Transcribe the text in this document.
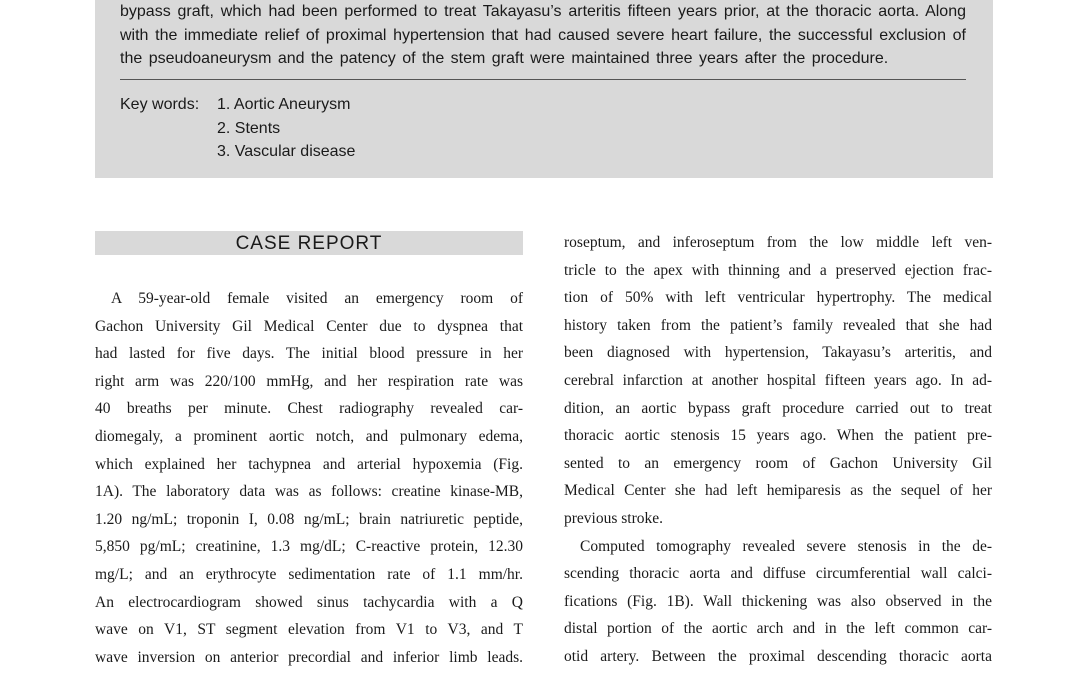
bypass graft, which had been performed to treat Takayasu’s arteritis fifteen years prior, at the thoracic aorta. Along
with the immediate relief of proximal hypertension that had caused severe heart failure, the successful exclusion of
the pseudoaneurysm and the patency of the stem graft were maintained three years after the procedure.
Key words: 1. Aortic Aneurysm
2. Stents
3. Vascular disease
CASE REPORT
A 59-year-old female visited an emergency room of
Gachon University Gil Medical Center due to dyspnea that
had lasted for five days. The initial blood pressure in her
right arm was 220/100 mmHg, and her respiration rate was
40 breaths per minute. Chest radiography revealed car-
diomegaly, a prominent aortic notch, and pulmonary edema,
which explained her tachypnea and arterial hypoxemia (Fig.
1A). The laboratory data was as follows: creatine kinase-MB,
1.20 ng/mL; troponin I, 0.08 ng/mL; brain natriuretic peptide,
5,850 pg/mL; creatinine, 1.3 mg/dL; C-reactive protein, 12.30
mg/L; and an erythrocyte sedimentation rate of 1.1 mm/hr.
An electrocardiogram showed sinus tachycardia with a Q
wave on V1, ST segment elevation from V1 to V3, and T
wave inversion on anterior precordial and inferior limb leads.
roseptum, and inferoseptum from the low middle left ven-
tricle to the apex with thinning and a preserved ejection frac-
tion of 50% with left ventricular hypertrophy. The medical
history taken from the patient’s family revealed that she had
been diagnosed with hypertension, Takayasu’s arteritis, and
cerebral infarction at another hospital fifteen years ago. In ad-
dition, an aortic bypass graft procedure carried out to treat
thoracic aortic stenosis 15 years ago. When the patient pre-
sented to an emergency room of Gachon University Gil
Medical Center she had left hemiparesis as the sequel of her
previous stroke.
Computed tomography revealed severe stenosis in the de-
scending thoracic aorta and diffuse circumferential wall calci-
fications (Fig. 1B). Wall thickening was also observed in the
distal portion of the aortic arch and in the left common car-
otid artery. Between the proximal descending thoracic aorta
